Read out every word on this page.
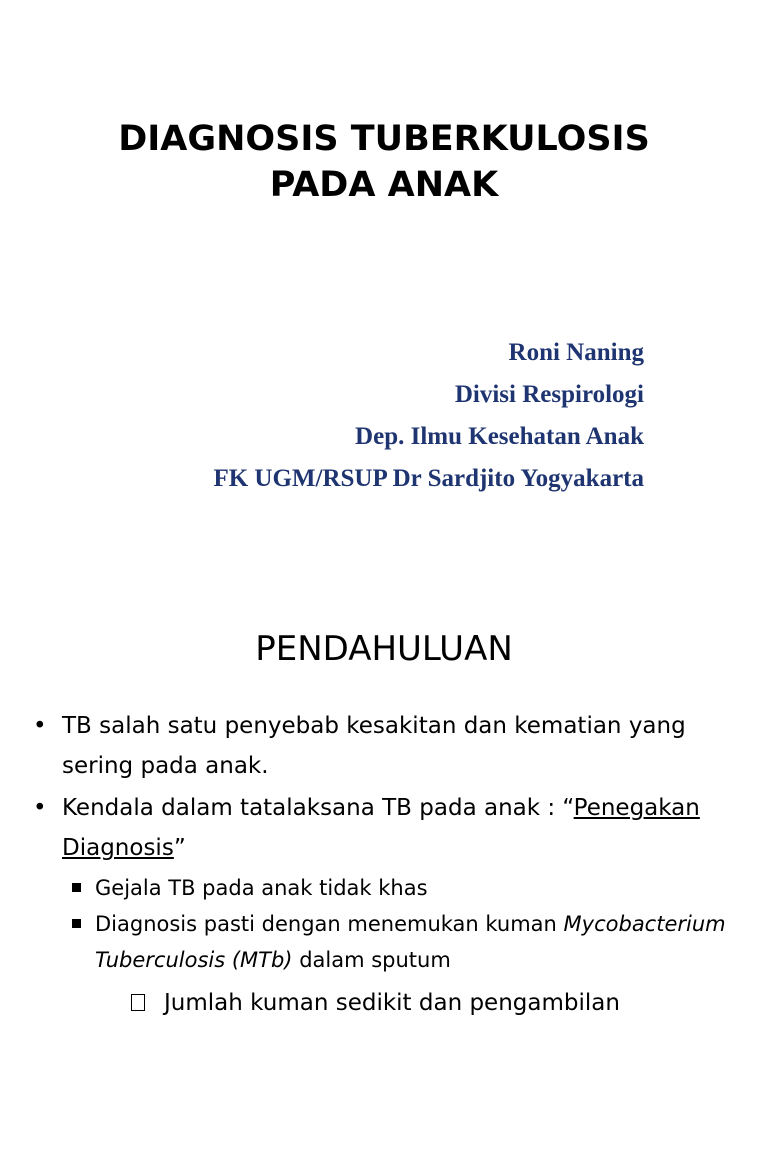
DIAGNOSIS TUBERKULOSIS
PADA ANAK
Roni Naning
Divisi Respirologi
Dep. Ilmu Kesehatan Anak
FK UGM/RSUP Dr Sardjito Yogyakarta
PENDAHULUAN
• TB salah satu penyebab kesakitan dan kematian yang sering pada anak.
• Kendala dalam tatalaksana TB pada anak : “Penegakan Diagnosis”
Gejala TB pada anak tidak khas
Diagnosis pasti dengan menemukan kuman Mycobacterium Tuberculosis (MTb) dalam sputum
Jumlah kuman sedikit dan pengambilan
